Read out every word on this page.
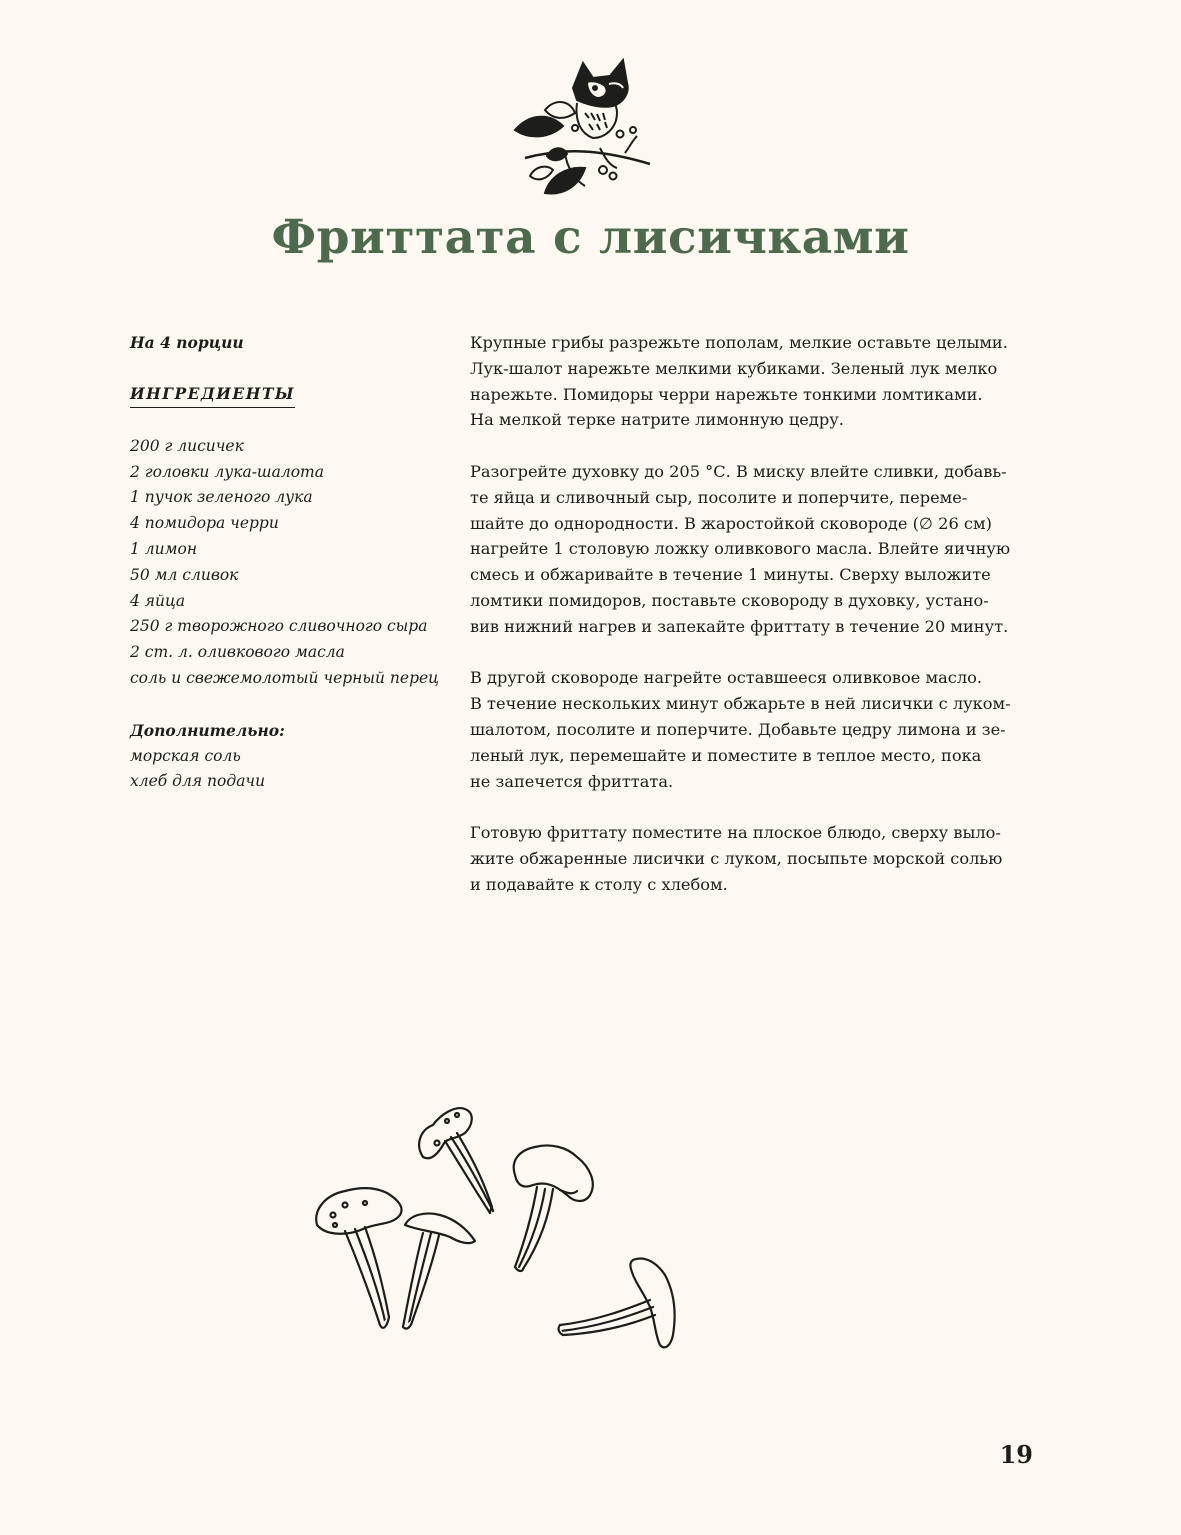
Фриттата с лисичками

На 4 порции

ИНГРЕДИЕНТЫ
200 г лисичек
2 головки лука-шалота
1 пучок зеленого лука
4 помидора черри
1 лимон
50 мл сливок
4 яйца
250 г творожного сливочного сыра
2 ст. л. оливкового масла
соль и свежемолотый черный перец

Дополнительно:

морская соль
хлеб для подачи

Крупные грибы разрежьте пополам, мелкие оставьте целыми.
Лук-шалот нарежьте мелкими кубиками. Зеленый лук мелко
нарежьте. Помидоры черри нарежьте тонкими ломтиками.
На мелкой терке натрите лимонную цедру.

Разогрейте духовку до 205 °С. В миску влейте сливки, добавь-
те яйца и сливочный сыр, посолите и поперчите, переме-
шайте до однородности. В жаростойкой сковороде (∅ 26 см)
нагрейте 1 столовую ложку оливкового масла. Влейте яичную
смесь и обжаривайте в течение 1 минуты. Сверху выложите
ломтики помидоров, поставьте сковороду в духовку, устано-
вив нижний нагрев и запекайте фриттату в течение 20 минут.

В другой сковороде нагрейте оставшееся оливковое масло.
В течение нескольких минут обжарьте в ней лисички с луком-
шалотом, посолите и поперчите. Добавьте цедру лимона и зе-
леный лук, перемешайте и поместите в теплое место, пока
не запечется фриттата.

Готовую фриттату поместите на плоское блюдо, сверху выло-
жите обжаренные лисички с луком, посыпьте морской солью
и подавайте к столу с хлебом.

19
